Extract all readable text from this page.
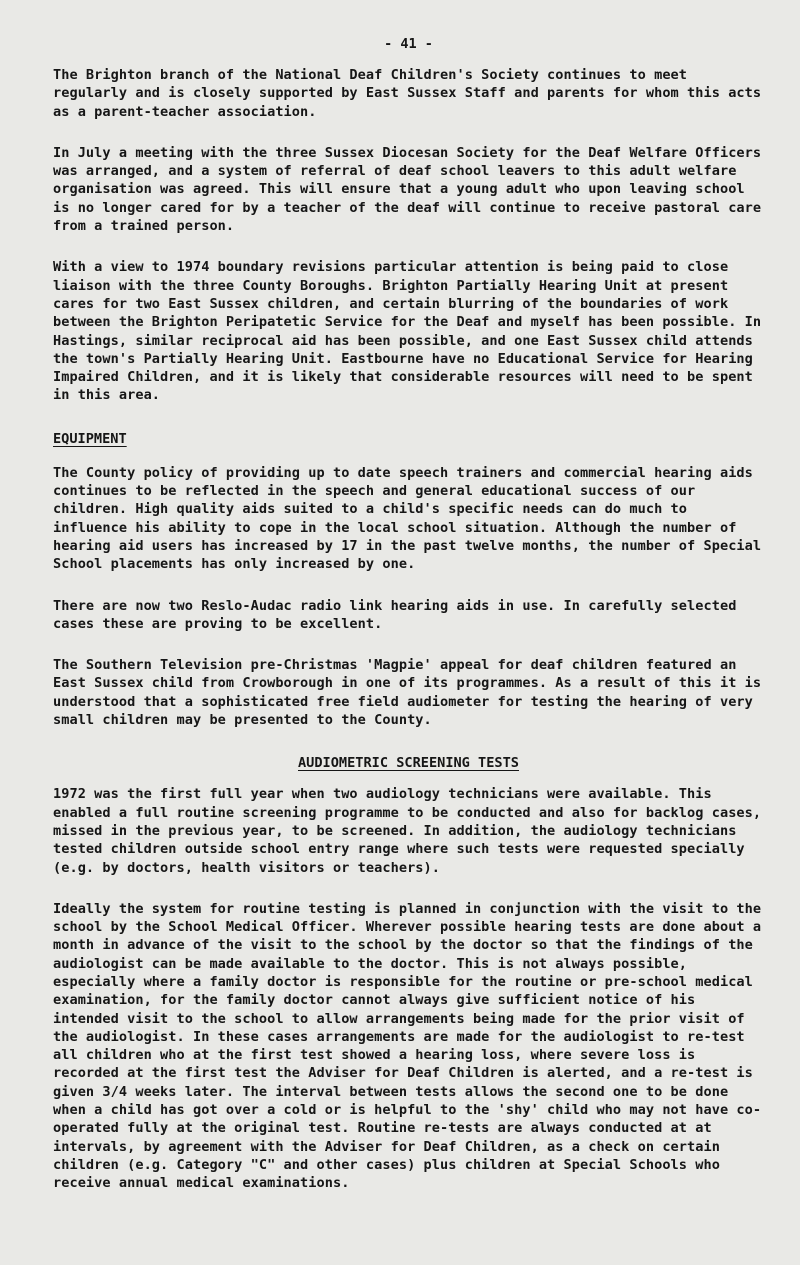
- 41 -

The Brighton branch of the National Deaf Children's Society continues to meet regularly and is closely supported by East Sussex Staff and parents for whom this acts as a parent-teacher association.

In July a meeting with the three Sussex Diocesan Society for the Deaf Welfare Officers was arranged, and a system of referral of deaf school leavers to this adult welfare organisation was agreed. This will ensure that a young adult who upon leaving school is no longer cared for by a teacher of the deaf will continue to receive pastoral care from a trained person.

With a view to 1974 boundary revisions particular attention is being paid to close liaison with the three County Boroughs. Brighton Partially Hearing Unit at present cares for two East Sussex children, and certain blurring of the boundaries of work between the Brighton Peripatetic Service for the Deaf and myself has been possible. In Hastings, similar reciprocal aid has been possible, and one East Sussex child attends the town's Partially Hearing Unit. Eastbourne have no Educational Service for Hearing Impaired Children, and it is likely that considerable resources will need to be spent in this area.

EQUIPMENT

The County policy of providing up to date speech trainers and commercial hearing aids continues to be reflected in the speech and general educational success of our children. High quality aids suited to a child's specific needs can do much to influence his ability to cope in the local school situation. Although the number of hearing aid users has increased by 17 in the past twelve months, the number of Special School placements has only increased by one.

There are now two Reslo-Audac radio link hearing aids in use. In carefully selected cases these are proving to be excellent.

The Southern Television pre-Christmas 'Magpie' appeal for deaf children featured an East Sussex child from Crowborough in one of its programmes. As a result of this it is understood that a sophisticated free field audiometer for testing the hearing of very small children may be presented to the County.

AUDIOMETRIC SCREENING TESTS

1972 was the first full year when two audiology technicians were available. This enabled a full routine screening programme to be conducted and also for backlog cases, missed in the previous year, to be screened. In addition, the audiology technicians tested children outside school entry range where such tests were requested specially (e.g. by doctors, health visitors or teachers).

Ideally the system for routine testing is planned in conjunction with the visit to the school by the School Medical Officer. Wherever possible hearing tests are done about a month in advance of the visit to the school by the doctor so that the findings of the audiologist can be made available to the doctor. This is not always possible, especially where a family doctor is responsible for the routine or pre-school medical examination, for the family doctor cannot always give sufficient notice of his intended visit to the school to allow arrangements being made for the prior visit of the audiologist. In these cases arrangements are made for the audiologist to re-test all children who at the first test showed a hearing loss, where severe loss is recorded at the first test the Adviser for Deaf Children is alerted, and a re-test is given 3/4 weeks later. The interval between tests allows the second one to be done when a child has got over a cold or is helpful to the 'shy' child who may not have co-operated fully at the original test. Routine re-tests are always conducted at at intervals, by agreement with the Adviser for Deaf Children, as a check on certain children (e.g. Category "C" and other cases) plus children at Special Schools who receive annual medical examinations.
